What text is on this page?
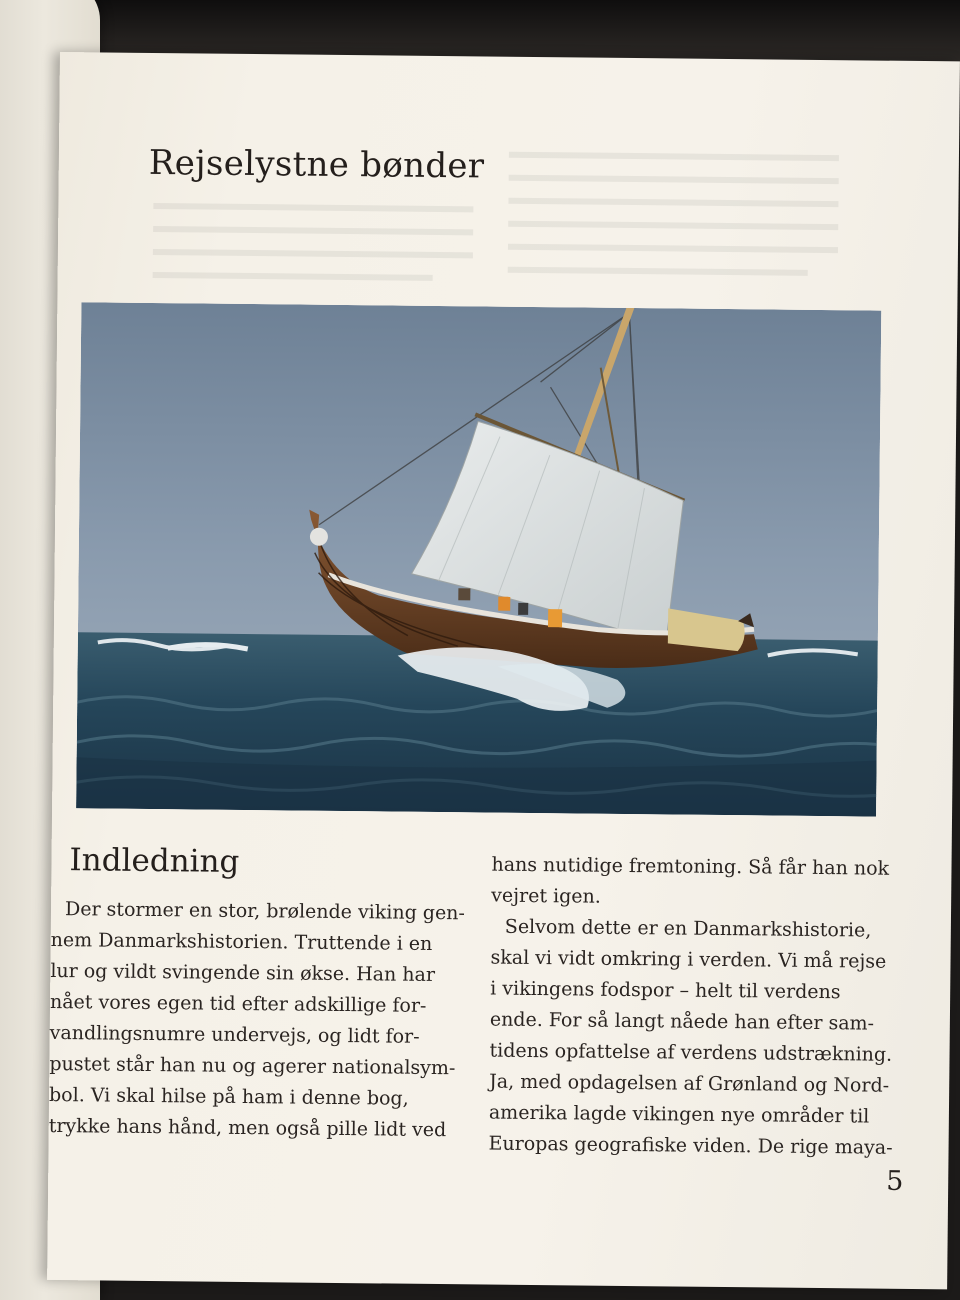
Rejselystne bønder
Indledning
Der stormer en stor, brølende viking gen-
nem Danmarkshistorien. Truttende i en
lur og vildt svingende sin økse. Han har
nået vores egen tid efter adskillige for-
vandlingsnumre undervejs, og lidt for-
pustet står han nu og agerer nationalsym-
bol. Vi skal hilse på ham i denne bog,
trykke hans hånd, men også pille lidt ved
hans nutidige fremtoning. Så får han nok
vejret igen.
Selvom dette er en Danmarkshistorie,
skal vi vidt omkring i verden. Vi må rejse
i vikingens fodspor – helt til verdens
ende. For så langt nåede han efter sam-
tidens opfattelse af verdens udstrækning.
Ja, med opdagelsen af Grønland og Nord-
amerika lagde vikingen nye områder til
Europas geografiske viden. De rige maya-
5
